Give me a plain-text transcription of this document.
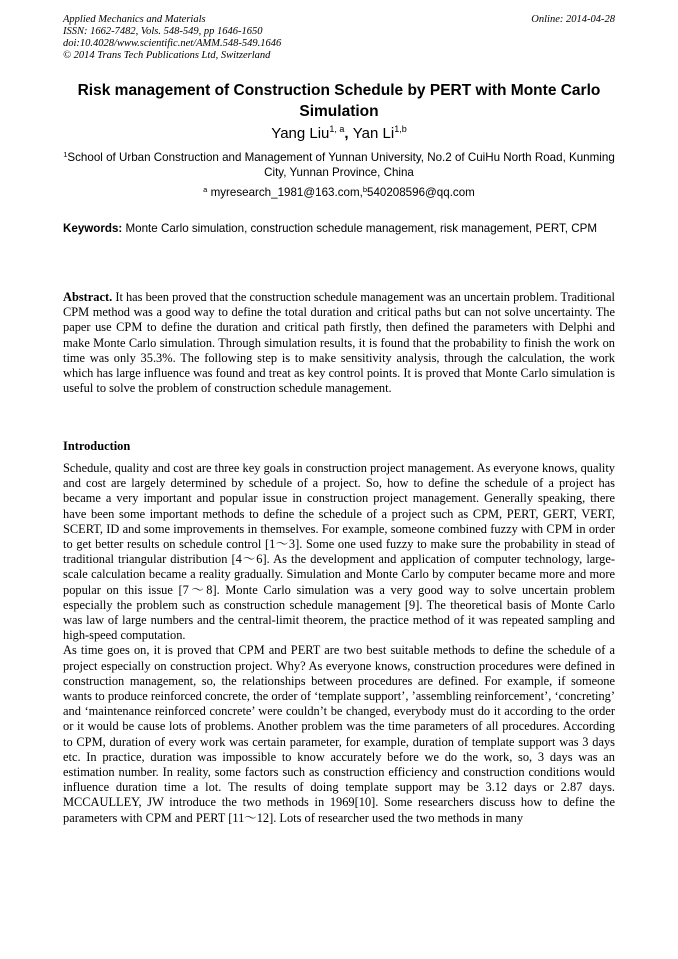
Applied Mechanics and Materials
ISSN: 1662-7482, Vols. 548-549, pp 1646-1650
doi:10.4028/www.scientific.net/AMM.548-549.1646
© 2014 Trans Tech Publications Ltd, Switzerland
Online: 2014-04-28
Risk management of Construction Schedule by PERT with Monte Carlo Simulation
Yang Liu$^{1, a}$, Yan Li$^{1,b}$
$^1$School of Urban Construction and Management of Yunnan University, No.2 of CuiHu North Road, Kunming City, Yunnan Province, China
$^a$ myresearch_1981@163.com,$^b$540208596@qq.com
Keywords: Monte Carlo simulation, construction schedule management, risk management, PERT, CPM
Abstract. It has been proved that the construction schedule management was an uncertain problem. Traditional CPM method was a good way to define the total duration and critical paths but can not solve uncertainty. The paper use CPM to define the duration and critical path firstly, then defined the parameters with Delphi and make Monte Carlo simulation. Through simulation results, it is found that the probability to finish the work on time was only 35.3%. The following step is to make sensitivity analysis, through the calculation, the work which has large influence was found and treat as key control points. It is proved that Monte Carlo simulation is useful to solve the problem of construction schedule management.
Introduction

Schedule, quality and cost are three key goals in construction project management. As everyone knows, quality and cost are largely determined by schedule of a project. So, how to define the schedule of a project has became a very important and popular issue in construction project management. Generally speaking, there have been some important methods to define the schedule of a project such as CPM, PERT, GERT, VERT, SCERT, ID and some improvements in themselves. For example, someone combined fuzzy with CPM in order to get better results on schedule control [1～3]. Some one used fuzzy to make sure the probability in stead of traditional triangular distribution [4～6]. As the development and application of computer technology, large-scale calculation became a reality gradually. Simulation and Monte Carlo by computer became more and more popular on this issue [7～8]. Monte Carlo simulation was a very good way to solve uncertain problem especially the problem such as construction schedule management [9]. The theoretical basis of Monte Carlo was law of large numbers and the central-limit theorem, the practice method of it was repeated sampling and high-speed computation.

As time goes on, it is proved that CPM and PERT are two best suitable methods to define the schedule of a project especially on construction project. Why? As everyone knows, construction procedures were defined in construction management, so, the relationships between procedures are defined. For example, if someone wants to produce reinforced concrete, the order of ‘template support’, ’assembling reinforcement’, ‘concreting’ and ‘maintenance reinforced concrete’ were couldn’t be changed, everybody must do it according to the order or it would be cause lots of problems. Another problem was the time parameters of all procedures. According to CPM, duration of every work was certain parameter, for example, duration of template support was 3 days etc. In practice, duration was impossible to know accurately before we do the work, so, 3 days was an estimation number. In reality, some factors such as construction efficiency and construction conditions would influence duration time a lot. The results of doing template support may be 3.12 days or 2.87 days. MCCAULLEY, JW introduce the two methods in 1969[10]. Some researchers discuss how to define the parameters with CPM and PERT [11～12]. Lots of researcher used the two methods in many
